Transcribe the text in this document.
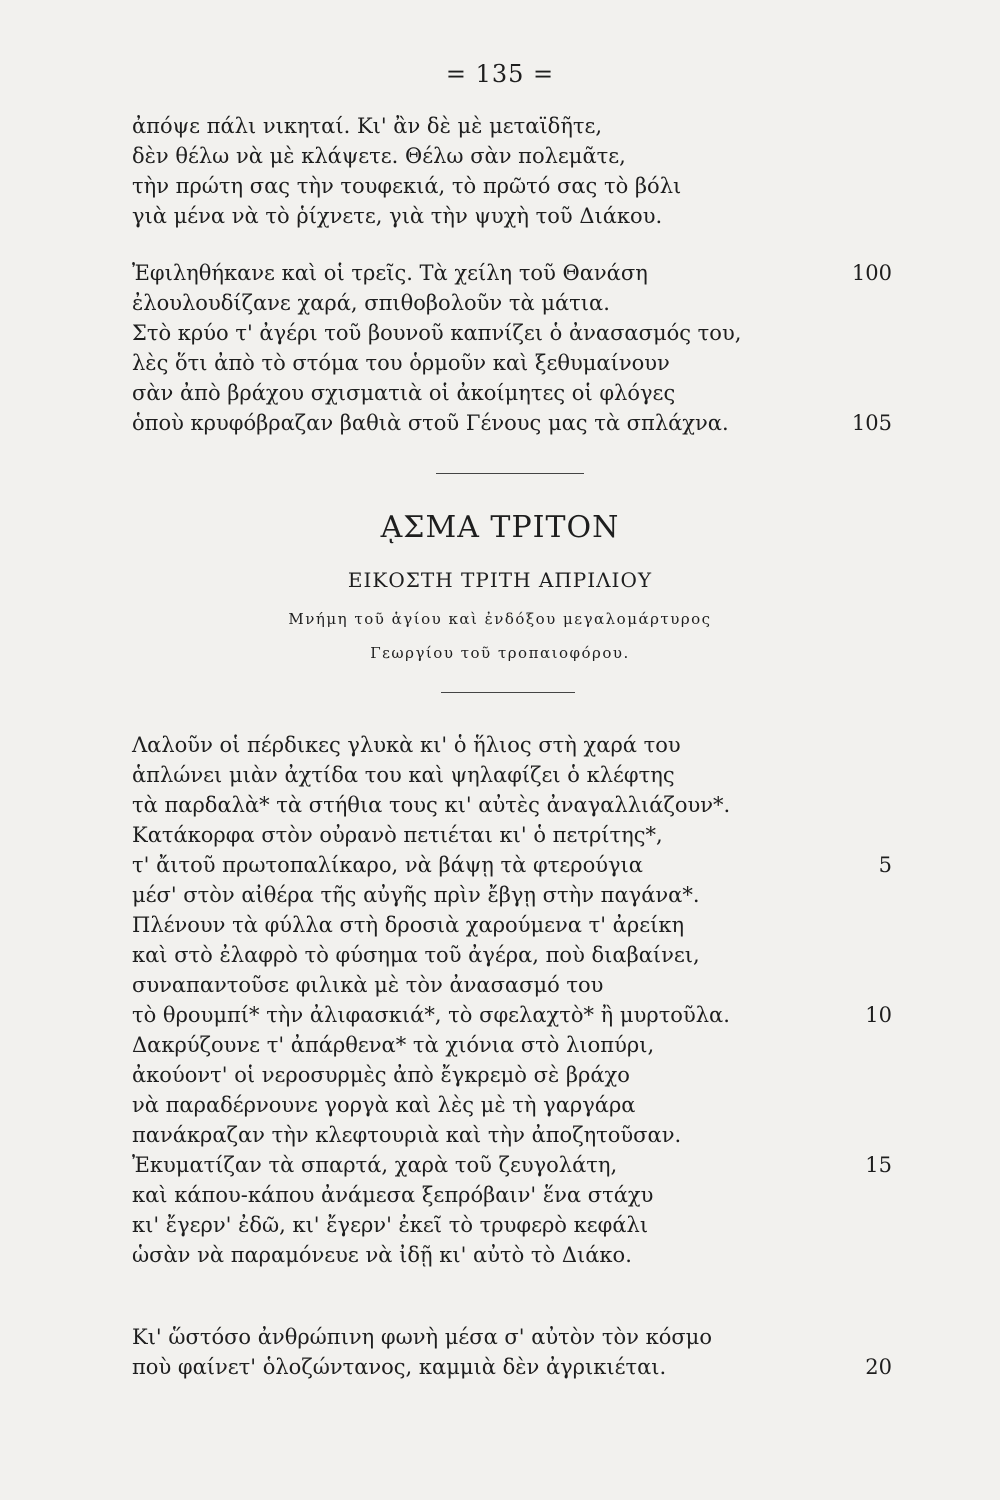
= 135 =
ἀπόψε πάλι νικηταί. Κι' ἂν δὲ μὲ μεταϊδῆτε,
δὲν θέλω νὰ μὲ κλάψετε. Θέλω σὰν πολεμᾶτε,
τὴν πρώτη σας τὴν τουφεκιά, τὸ πρῶτό σας τὸ βόλι
γιὰ μένα νὰ τὸ ῥίχνετε, γιὰ τὴν ψυχὴ τοῦ Διάκου.
Ἐφιληθήκανε καὶ οἱ τρεῖς. Τὰ χείλη τοῦ Θανάση	100
ἐλουλουδίζανε χαρά, σπιθοβολοῦν τὰ μάτια.
Στὸ κρύο τ' ἀγέρι τοῦ βουνοῦ καπνίζει ὁ ἀνασασμός του,
λὲς ὅτι ἀπὸ τὸ στόμα του ὁρμοῦν καὶ ξεθυμαίνουν
σὰν ἀπὸ βράχου σχισματιὰ οἱ ἀκοίμητες οἱ φλόγες
ὁποὺ κρυφόβραζαν βαθιὰ στοῦ Γένους μας τὰ σπλάχνα.	105
ᾼΣΜΑ ΤΡΙΤΟΝ
ΕΙΚΟΣΤΗ ΤΡΙΤΗ ΑΠΡΙΛΙΟΥ
Μνήμη τοῦ ἁγίου καὶ ἐνδόξου μεγαλομάρτυρος
Γεωργίου τοῦ τροπαιοφόρου.
Λαλοῦν οἱ πέρδικες γλυκὰ κι' ὁ ἥλιος στὴ χαρά του
ἁπλώνει μιὰν ἀχτίδα του καὶ ψηλαφίζει ὁ κλέφτης
τὰ παρδαλὰ* τὰ στήθια τους κι' αὐτὲς ἀναγαλλιάζουν*.
Κατάκορφα στὸν οὐρανὸ πετιέται κι' ὁ πετρίτης*,
τ' ἄιτοῦ πρωτοπαλίκαρο, νὰ βάψῃ τὰ φτερούγια	5
μέσ' στὸν αἰθέρα τῆς αὐγῆς πρὶν ἔβγῃ στὴν παγάνα*.
Πλένουν τὰ φύλλα στὴ δροσιὰ χαρούμενα τ' ἀρείκη
καὶ στὸ ἐλαφρὸ τὸ φύσημα τοῦ ἀγέρα, ποὺ διαβαίνει,
συναπαντοῦσε φιλικὰ μὲ τὸν ἀνασασμό του
τὸ θρουμπί* τὴν ἀλιφασκιά*, τὸ σφελαχτὸ* ἢ μυρτοῦλα.	10
Δακρύζουνε τ' ἀπάρθενα* τὰ χιόνια στὸ λιοπύρι,
ἀκούοντ' οἱ νεροσυρμὲς ἀπὸ ἔγκρεμὸ σὲ βράχο
νὰ παραδέρνουνε γοργὰ καὶ λὲς μὲ τὴ γαργάρα
πανάκραζαν τὴν κλεφτουριὰ καὶ τὴν ἀποζητοῦσαν.
Ἐκυματίζαν τὰ σπαρτά, χαρὰ τοῦ ζευγολάτη,	15
καὶ κάπου-κάπου ἀνάμεσα ξεπρόβαιν' ἕνα στάχυ
κι' ἔγερν' ἐδῶ, κι' ἔγερν' ἐκεῖ τὸ τρυφερὸ κεφάλι
ὡσὰν νὰ παραμόνευε νὰ ἰδῇ κι' αὐτὸ τὸ Διάκο.
Κι' ὥστόσο ἀνθρώπινη φωνὴ μέσα σ' αὐτὸν τὸν κόσμο
ποὺ φαίνετ' ὁλοζώντανος, καμμιὰ δὲν ἀγρικιέται.	20
